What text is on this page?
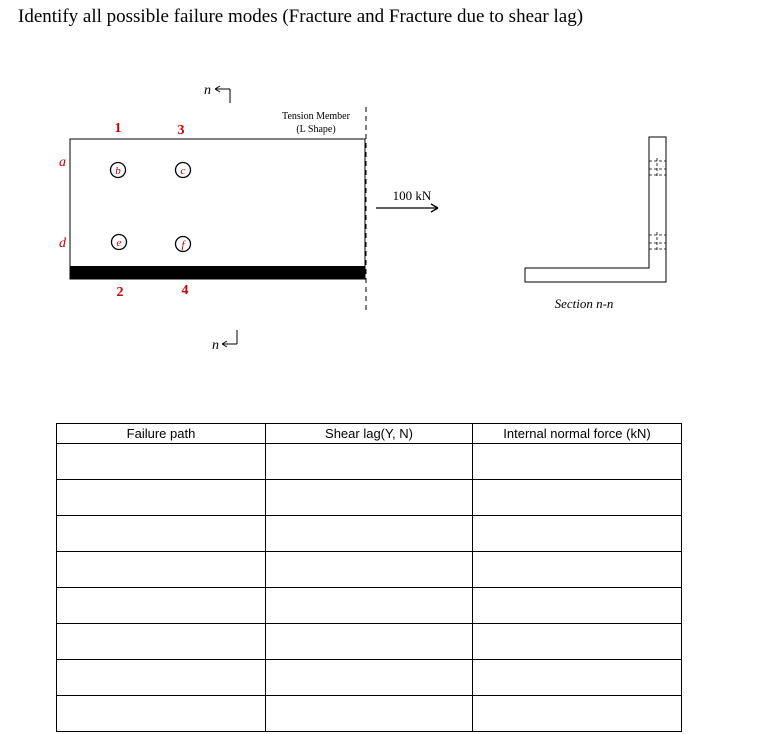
Identify all possible failure modes (Fracture and Fracture due to shear lag)
n
n
Tension Member
(L Shape)
a
d
1	3
2	4
b	c
e	f
100 kN
Section n-n
Failure path	Shear lag(Y, N)	Internal normal force (kN)
